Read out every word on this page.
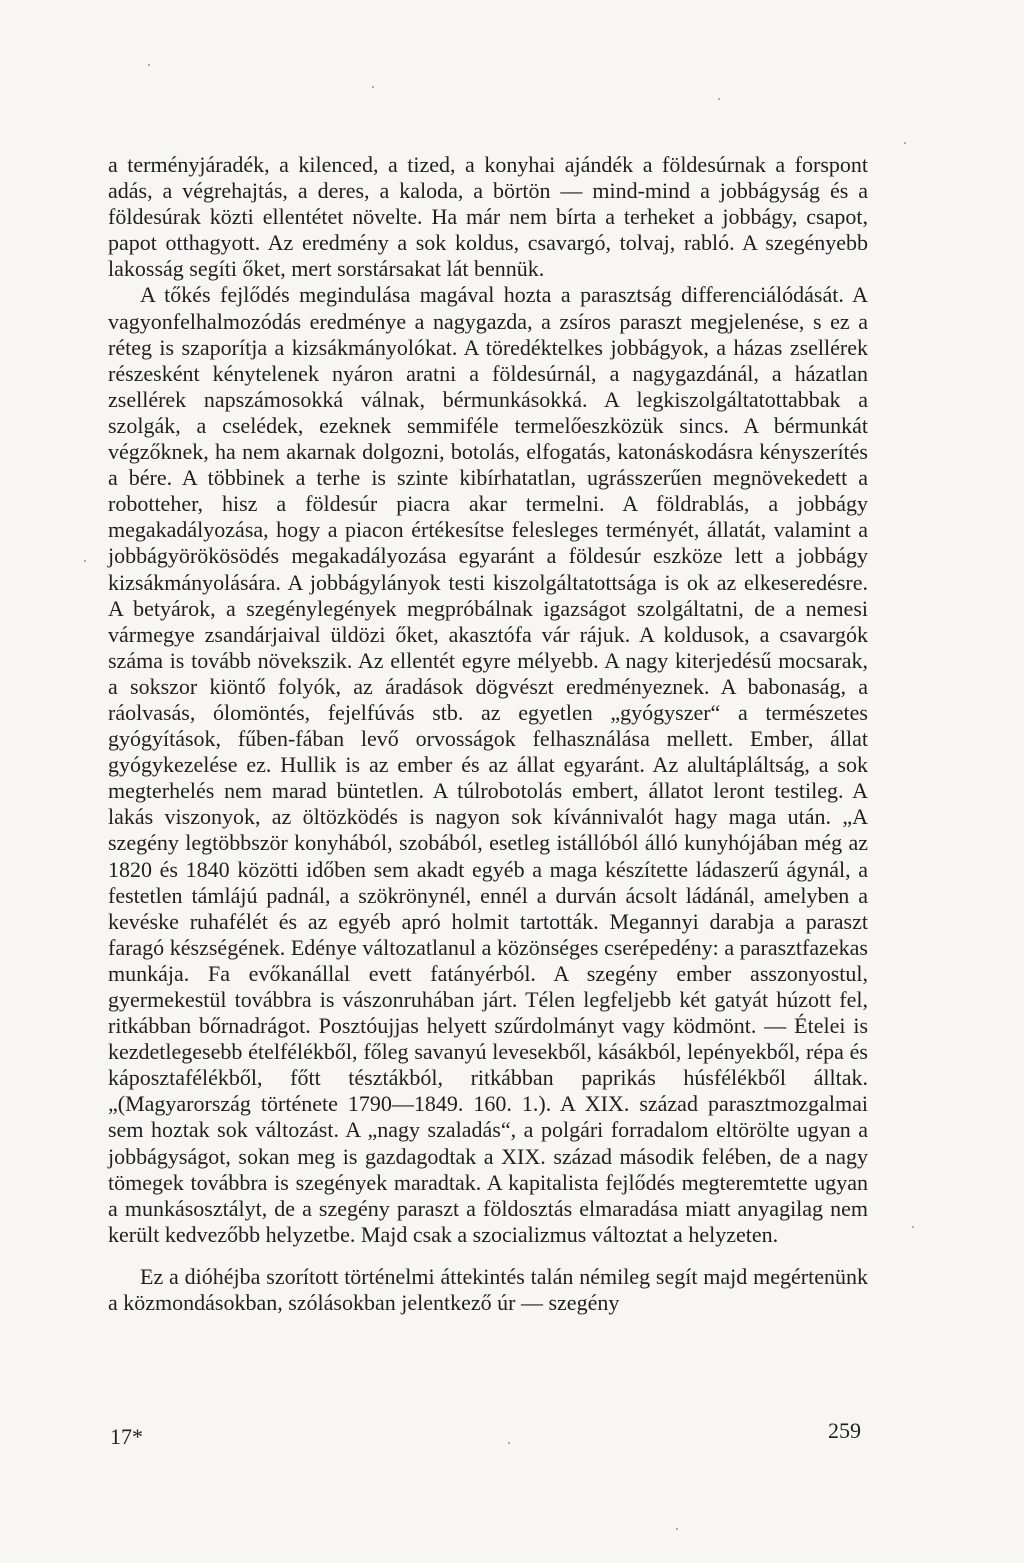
a terményjáradék, a kilenced, a tized, a konyhai ajándék a földesúrnak a forspont adás, a végrehajtás, a deres, a kaloda, a börtön — mind-mind a jobbágyság és a földesúrak közti ellentétet növelte. Ha már nem bírta a terheket a jobbágy, csapot, papot otthagyott. Az eredmény a sok koldus, csavargó, tolvaj, rabló. A szegényebb lakosság segíti őket, mert sorstársakat lát bennük.

A tőkés fejlődés megindulása magával hozta a parasztság differenciálódását. A vagyonfelhalmozódás eredménye a nagygazda, a zsíros paraszt megjelenése, s ez a réteg is szaporítja a kizsákmányolókat. A töredéktelkes jobbágyok, a házas zsellérek részesként kénytelenek nyáron aratni a földesúrnál, a nagygazdánál, a házatlan zsellérek napszámosokká válnak, bérmunkásokká. A legkiszolgáltatottabbak a szolgák, a cselédek, ezeknek semmiféle termelőeszközük sincs. A bérmunkát végzőknek, ha nem akarnak dolgozni, botolás, elfogatás, katonáskodásra kényszerítés a bére. A többinek a terhe is szinte kibírhatatlan, ugrásszerűen megnövekedett a robotteher, hisz a földesúr piacra akar termelni. A földrablás, a jobbágy megakadályozása, hogy a piacon értékesítse felesleges terményét, állatát, valamint a jobbágyörökösödés megakadályozása egyaránt a földesúr eszköze lett a jobbágy kizsákmányolására. A jobbágylányok testi kiszolgáltatottsága is ok az elkeseredésre. A betyárok, a szegénylegények megpróbálnak igazságot szolgáltatni, de a nemesi vármegye zsandárjaival üldözi őket, akasztófa vár rájuk. A koldusok, a csavargók száma is tovább növekszik. Az ellentét egyre mélyebb. A nagy kiterjedésű mocsarak, a sokszor kiöntő folyók, az áradások dögvészt eredményeznek. A babonaság, a ráolvasás, ólomöntés, fejelfúvás stb. az egyetlen „gyógyszer“ a természetes gyógyítások, fűben-fában levő orvosságok felhasználása mellett. Ember, állat gyógykezelése ez. Hullik is az ember és az állat egyaránt. Az alultápláltság, a sok megterhelés nem marad büntetlen. A túlrobotolás embert, állatot leront testileg. A lakás viszonyok, az öltözködés is nagyon sok kívánnivalót hagy maga után. „A szegény legtöbbször konyhából, szobából, esetleg istállóból álló kunyhójában még az 1820 és 1840 közötti időben sem akadt egyéb a maga készítette ládaszerű ágynál, a festetlen támlájú padnál, a szökrönynél, ennél a durván ácsolt ládánál, amelyben a kevéske ruhafélét és az egyéb apró holmit tartották. Megannyi darabja a paraszt faragó készségének. Edénye változatlanul a közönséges cserépedény: a parasztfazekas munkája. Fa evőkanállal evett fatányérból. A szegény ember asszonyostul, gyermekestül továbbra is vászonruhában járt. Télen legfeljebb két gatyát húzott fel, ritkábban bőrnadrágot. Posztóujjas helyett szűrdolmányt vagy ködmönt. — Ételei is kezdetlegesebb ételfélékből, főleg savanyú levesekből, kásákból, lepényekből, répa és káposztafélékből, főtt tésztákból, ritkábban paprikás húsfélékből álltak. „(Magyarország története 1790—1849. 160. 1.). A XIX. század parasztmozgalmai sem hoztak sok változást. A „nagy szaladás“, a polgári forradalom eltörölte ugyan a jobbágyságot, sokan meg is gazdagodtak a XIX. század második felében, de a nagy tömegek továbbra is szegények maradtak. A kapitalista fejlődés megteremtette ugyan a munkásosztályt, de a szegény paraszt a földosztás elmaradása miatt anyagilag nem került kedvezőbb helyzetbe. Majd csak a szocializmus változtat a helyzeten.

Ez a dióhéjba szorított történelmi áttekintés talán némileg segít majd megértenünk a közmondásokban, szólásokban jelentkező úr — szegény

17*	259
